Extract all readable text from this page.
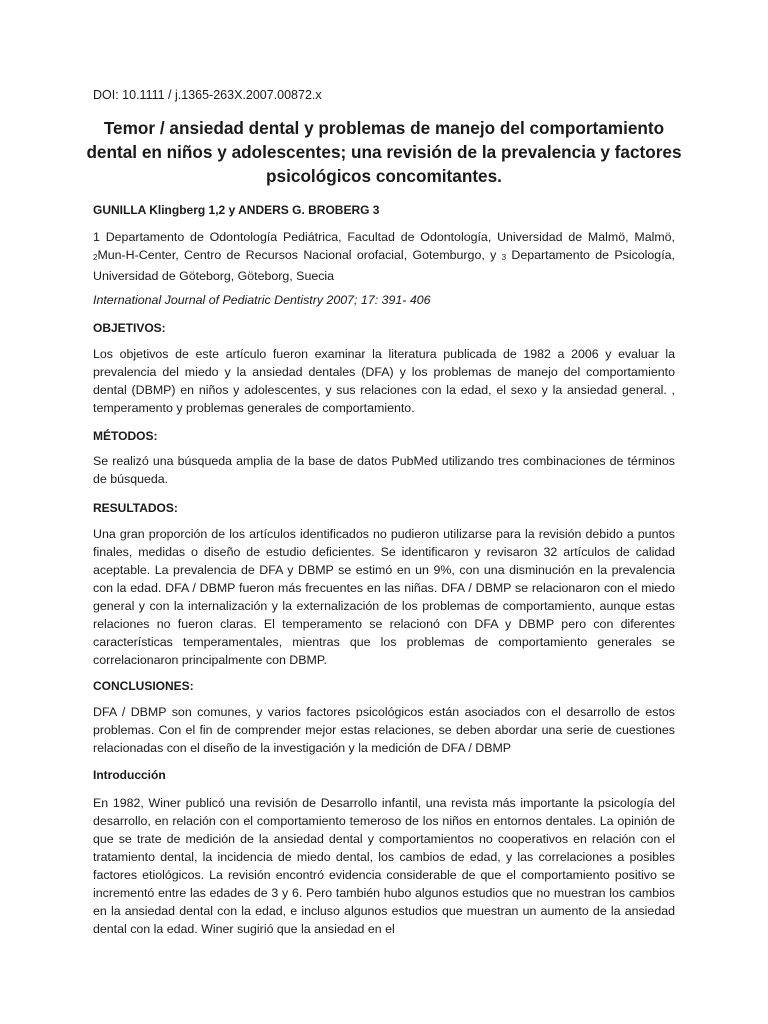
DOI: 10.1111 / j.1365-263X.2007.00872.x
Temor / ansiedad dental y problemas de manejo del comportamiento dental en niños y adolescentes; una revisión de la prevalencia y factores psicológicos concomitantes.
GUNILLA Klingberg 1,2 y ANDERS G. BROBERG 3
1 Departamento de Odontología Pediátrica, Facultad de Odontología, Universidad de Malmö, Malmö, $_2$Mun-H-Center, Centro de Recursos Nacional orofacial, Gotemburgo, y $_3$ Departamento de Psicología, Universidad de Göteborg, Göteborg, Suecia
International Journal of Pediatric Dentistry 2007; 17: 391- 406
OBJETIVOS:
Los objetivos de este artículo fueron examinar la literatura publicada de 1982 a 2006 y evaluar la prevalencia del miedo y la ansiedad dentales (DFA) y los problemas de manejo del comportamiento dental (DBMP) en niños y adolescentes, y sus relaciones con la edad, el sexo y la ansiedad general. , temperamento y problemas generales de comportamiento.
MÉTODOS:
Se realizó una búsqueda amplia de la base de datos PubMed utilizando tres combinaciones de términos de búsqueda.
RESULTADOS:
Una gran proporción de los artículos identificados no pudieron utilizarse para la revisión debido a puntos finales, medidas o diseño de estudio deficientes. Se identificaron y revisaron 32 artículos de calidad aceptable. La prevalencia de DFA y DBMP se estimó en un 9%, con una disminución en la prevalencia con la edad. DFA / DBMP fueron más frecuentes en las niñas. DFA / DBMP se relacionaron con el miedo general y con la internalización y la externalización de los problemas de comportamiento, aunque estas relaciones no fueron claras. El temperamento se relacionó con DFA y DBMP pero con diferentes características temperamentales, mientras que los problemas de comportamiento generales se correlacionaron principalmente con DBMP.
CONCLUSIONES:
DFA / DBMP son comunes, y varios factores psicológicos están asociados con el desarrollo de estos problemas. Con el fin de comprender mejor estas relaciones, se deben abordar una serie de cuestiones relacionadas con el diseño de la investigación y la medición de DFA / DBMP
Introducción
En 1982, Winer publicó una revisión de Desarrollo infantil, una revista más importante la psicología del desarrollo, en relación con el comportamiento temeroso de los niños en entornos dentales. La opinión de que se trate de medición de la ansiedad dental y comportamientos no cooperativos en relación con el tratamiento dental, la incidencia de miedo dental, los cambios de edad, y las correlaciones a posibles factores etiológicos. La revisión encontró evidencia considerable de que el comportamiento positivo se incrementó entre las edades de 3 y 6. Pero también hubo algunos estudios que no muestran los cambios en la ansiedad dental con la edad, e incluso algunos estudios que muestran un aumento de la ansiedad dental con la edad. Winer sugirió que la ansiedad en el
